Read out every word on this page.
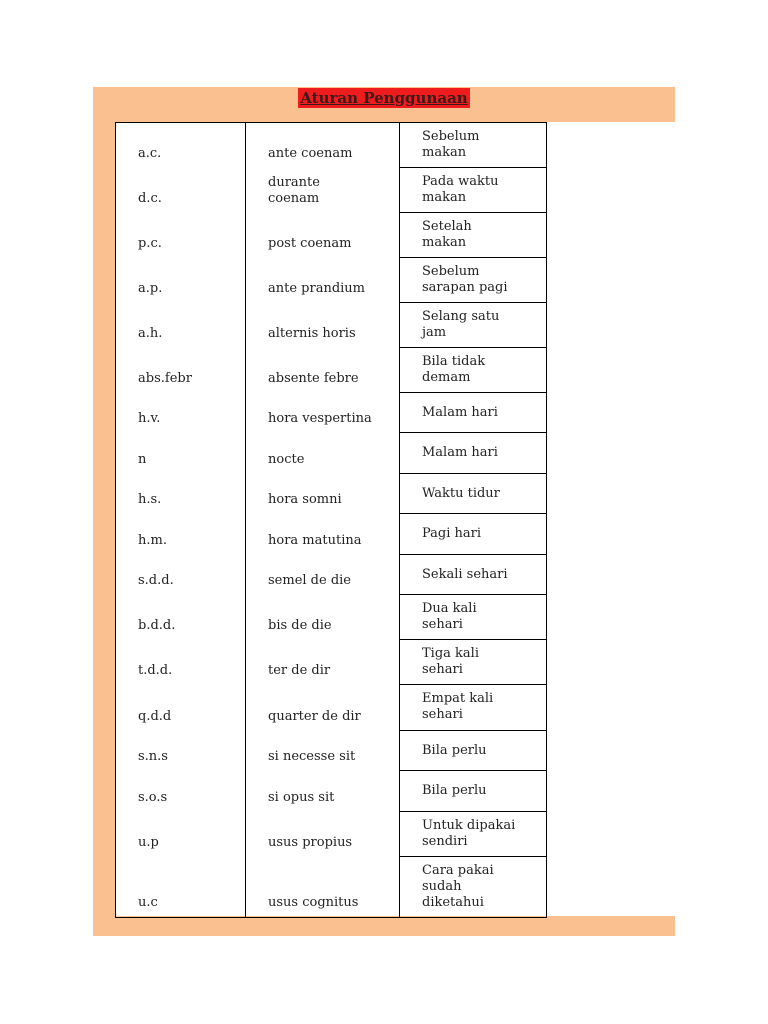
Aturan Penggunaan
a.c.	ante coenam	Sebelum makan
d.c.	durante coenam	Pada waktu makan
p.c.	post coenam	Setelah makan
a.p.	ante prandium	Sebelum sarapan pagi
a.h.	alternis horis	Selang satu jam
abs.febr	absente febre	Bila tidak demam
h.v.	hora vespertina	Malam hari
n	nocte	Malam hari
h.s.	hora somni	Waktu tidur
h.m.	hora matutina	Pagi hari
s.d.d.	semel de die	Sekali sehari
b.d.d.	bis de die	Dua kali sehari
t.d.d.	ter de dir	Tiga kali sehari
q.d.d	quarter de dir	Empat kali sehari
s.n.s	si necesse sit	Bila perlu
s.o.s	si opus sit	Bila perlu
u.p	usus propius	Untuk dipakai sendiri
u.c	usus cognitus	Cara pakai sudah diketahui
